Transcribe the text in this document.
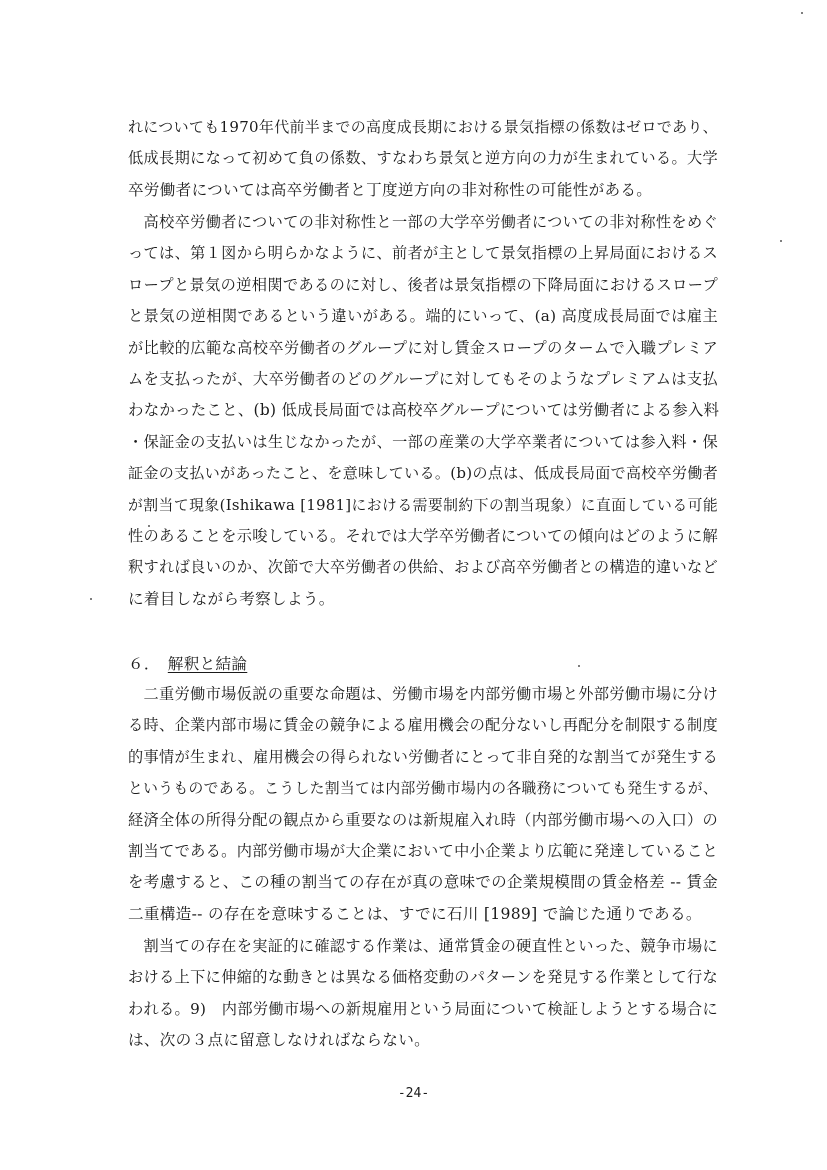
れについても1970年代前半までの高度成長期における景気指標の係数はゼロであり、
低成長期になって初めて負の係数、すなわち景気と逆方向の力が生まれている。大学
卒労働者については高卒労働者と丁度逆方向の非対称性の可能性がある。
　高校卒労働者についての非対称性と一部の大学卒労働者についての非対称性をめぐ
っては、第１図から明らかなように、前者が主として景気指標の上昇局面におけるス
ロープと景気の逆相関であるのに対し、後者は景気指標の下降局面におけるスロープ
と景気の逆相関であるという違いがある。端的にいって、(a) 高度成長局面では雇主
が比較的広範な高校卒労働者のグループに対し賃金スロープのタームで入職プレミア
ムを支払ったが、大卒労働者のどのグループに対してもそのようなプレミアムは支払
わなかったこと、(b) 低成長局面では高校卒グループについては労働者による参入料
・保証金の支払いは生じなかったが、一部の産業の大学卒業者については参入料・保
証金の支払いがあったこと、を意味している。(b)の点は、低成長局面で高校卒労働者
が割当て現象(Ishikawa [1981]における需要制約下の割当現象）に直面している可能
性のあることを示唆している。それでは大学卒労働者についての傾向はどのように解
釈すれば良いのか、次節で大卒労働者の供給、および高卒労働者との構造的違いなど
に着目しながら考察しよう。
６． 解釈と結論
　二重労働市場仮説の重要な命題は、労働市場を内部労働市場と外部労働市場に分け
る時、企業内部市場に賃金の競争による雇用機会の配分ないし再配分を制限する制度
的事情が生まれ、雇用機会の得られない労働者にとって非自発的な割当てが発生する
というものである。こうした割当ては内部労働市場内の各職務についても発生するが、
経済全体の所得分配の観点から重要なのは新規雇入れ時（内部労働市場への入口）の
割当てである。内部労働市場が大企業において中小企業より広範に発達していること
を考慮すると、この種の割当ての存在が真の意味での企業規模間の賃金格差 -- 賃金
二重構造-- の存在を意味することは、すでに石川 [1989] で論じた通りである。
　割当ての存在を実証的に確認する作業は、通常賃金の硬直性といった、競争市場に
おける上下に伸縮的な動きとは異なる価格変動のパターンを発見する作業として行な
われる。9)　内部労働市場への新規雇用という局面について検証しようとする場合に
は、次の３点に留意しなければならない。
-24-
